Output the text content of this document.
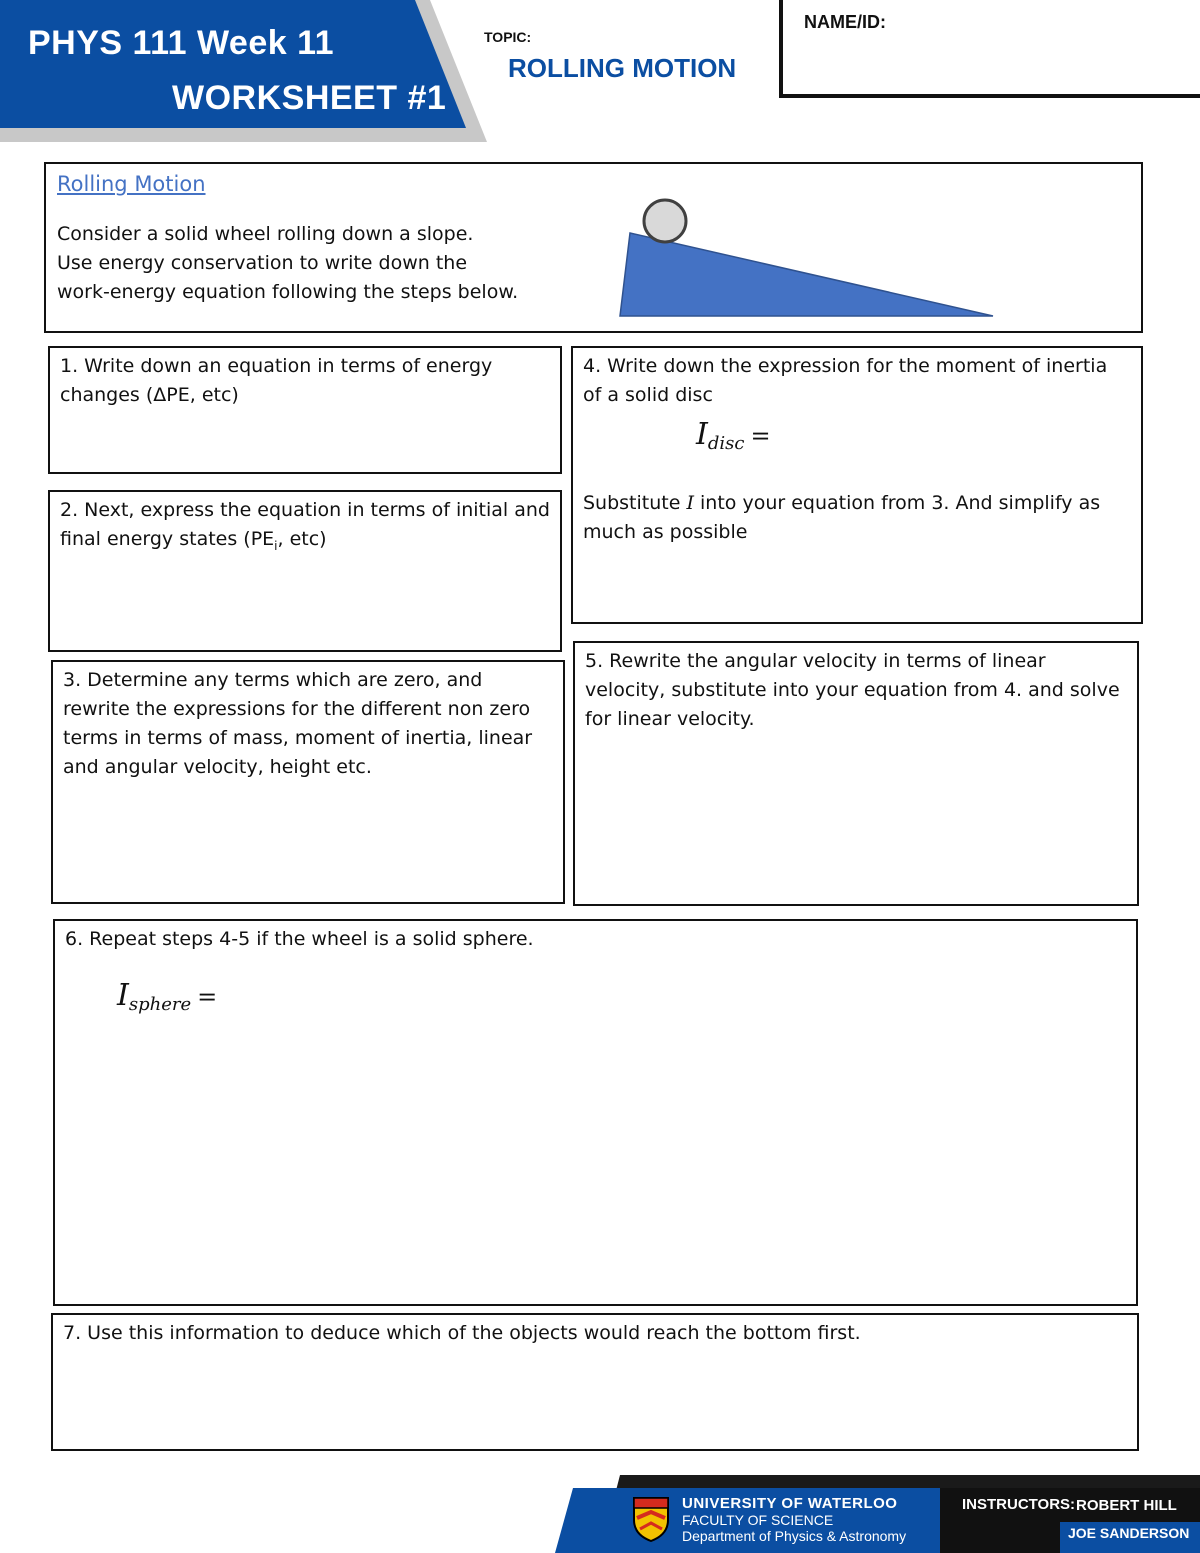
PHYS 111 Week 11
WORKSHEET #1
TOPIC:
ROLLING MOTION
NAME/ID:
Rolling Motion
Consider a solid wheel rolling down a slope.
Use energy conservation to write down the
work-energy equation following the steps below.
1. Write down an equation in terms of energy changes (ΔPE, etc)
2. Next, express the equation in terms of initial and final energy states ($PE_i$, etc)
3. Determine any terms which are zero, and rewrite the expressions for the different non zero terms in terms of mass, moment of inertia, linear and angular velocity, height etc.
4. Write down the expression for the moment of inertia of a solid disc
$I_{disc}$ =
Substitute I into your equation from 3. And simplify as much as possible
5. Rewrite the angular velocity in terms of linear velocity, substitute into your equation from 4. and solve for linear velocity.
6. Repeat steps 4-5 if the wheel is a solid sphere.
$I_{sphere}$ =
7. Use this information to deduce which of the objects would reach the bottom first.
UNIVERSITY OF WATERLOO
FACULTY OF SCIENCE
Department of Physics & Astronomy
INSTRUCTORS: ROBERT HILL
JOE SANDERSON
